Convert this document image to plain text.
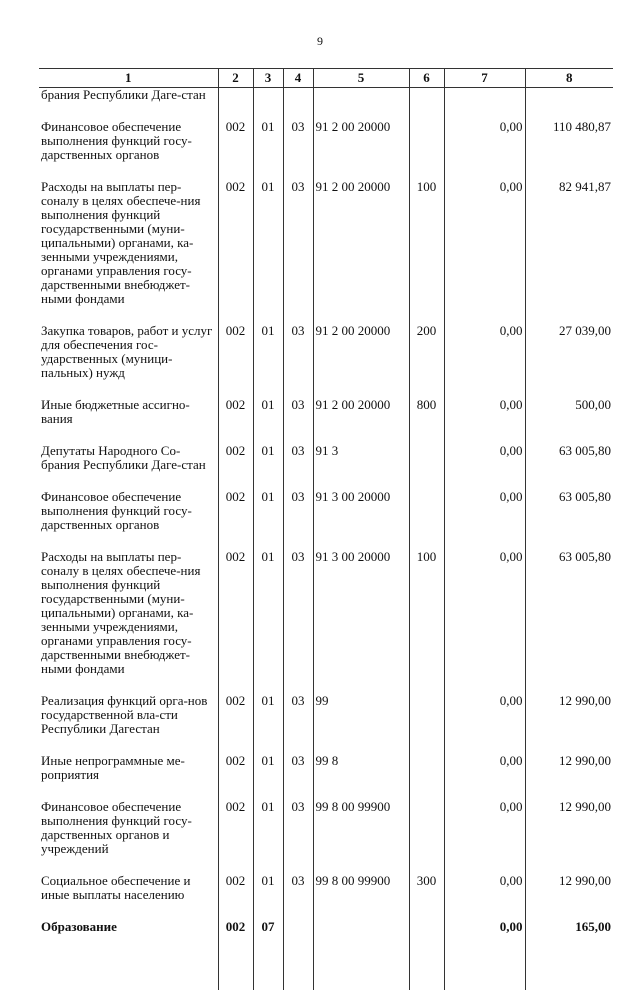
9
1	2	3	4	5	6	7	8
брания Республики Даге-стан							
Финансовое обеспечение выполнения функций госу-дарственных органов	002	01	03	91 2 00 20000		0,00	110 480,87
Расходы на выплаты пер-соналу в целях обеспече-ния выполнения функций государственными (муни-ципальными) органами, ка-зенными учреждениями, органами управления госу-дарственными внебюджет-ными фондами	002	01	03	91 2 00 20000	100	0,00	82 941,87
Закупка товаров, работ и услуг для обеспечения гос-ударственных (муници-пальных) нужд	002	01	03	91 2 00 20000	200	0,00	27 039,00
Иные бюджетные ассигно-вания	002	01	03	91 2 00 20000	800	0,00	500,00
Депутаты Народного Со-брания Республики Даге-стан	002	01	03	91 3		0,00	63 005,80
Финансовое обеспечение выполнения функций госу-дарственных органов	002	01	03	91 3 00 20000		0,00	63 005,80
Расходы на выплаты пер-соналу в целях обеспече-ния выполнения функций государственными (муни-ципальными) органами, ка-зенными учреждениями, органами управления госу-дарственными внебюджет-ными фондами	002	01	03	91 3 00 20000	100	0,00	63 005,80
Реализация функций орга-нов государственной вла-сти Республики Дагестан	002	01	03	99		0,00	12 990,00
Иные непрограммные ме-роприятия	002	01	03	99 8		0,00	12 990,00
Финансовое обеспечение выполнения функций госу-дарственных органов и учреждений	002	01	03	99 8 00 99900		0,00	12 990,00
Социальное обеспечение и иные выплаты населению	002	01	03	99 8 00 99900	300	0,00	12 990,00
Образование	002	07				0,00	165,00
